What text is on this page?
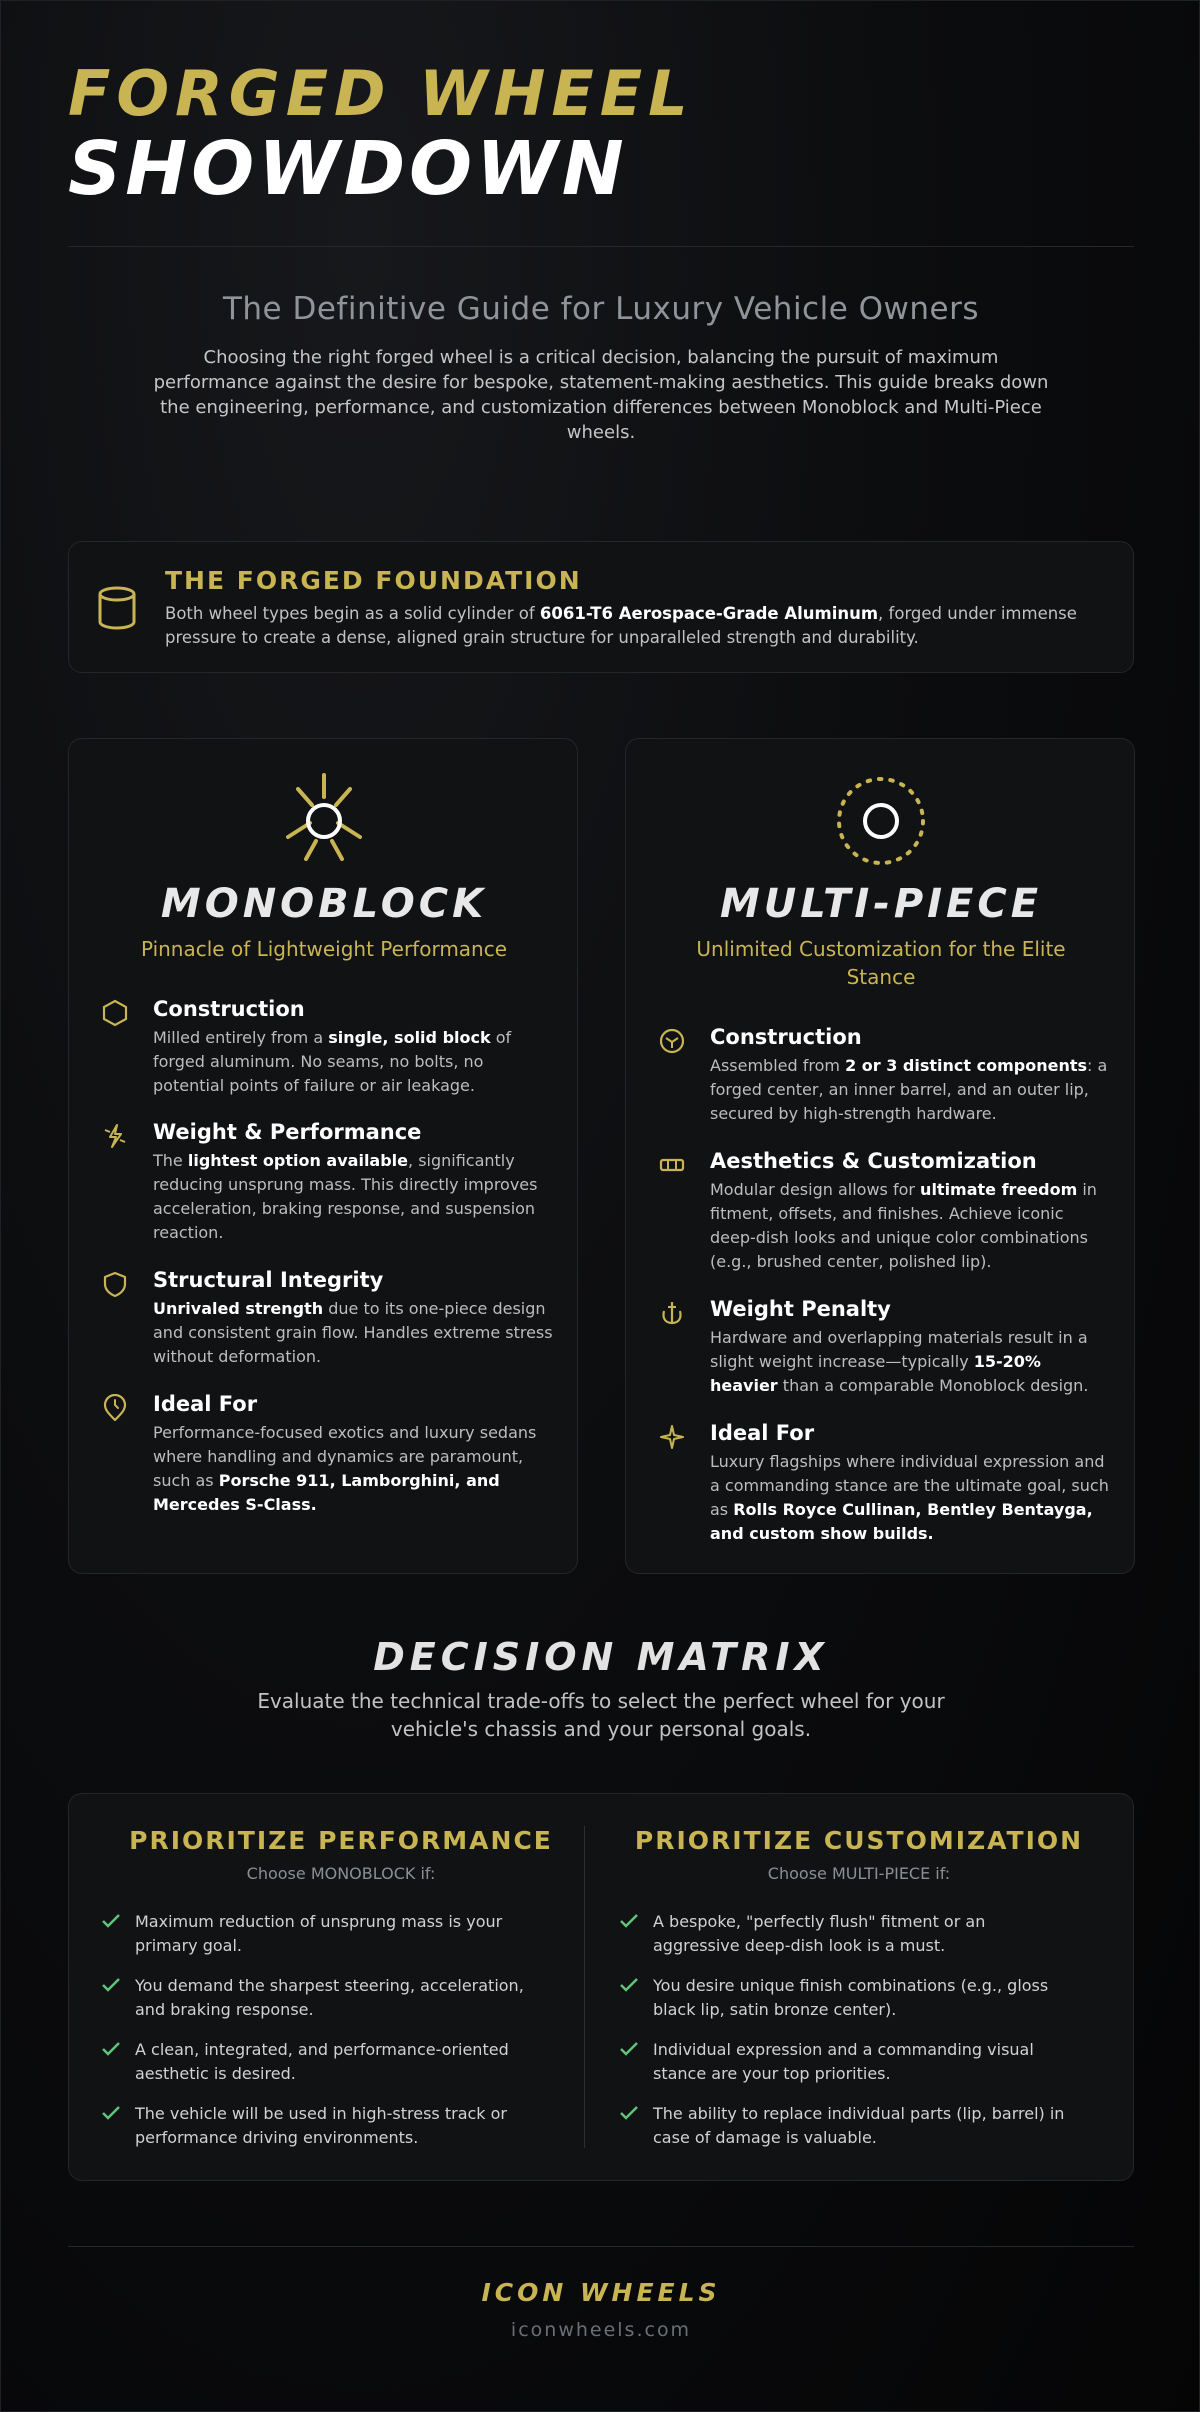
FORGED WHEEL
SHOWDOWN
The Definitive Guide for Luxury Vehicle Owners
Choosing the right forged wheel is a critical decision, balancing the pursuit of maximum performance against the desire for bespoke, statement-making aesthetics. This guide breaks down the engineering, performance, and customization differences between Monoblock and Multi-Piece wheels.
THE FORGED FOUNDATION

Both wheel types begin as a solid cylinder of 6061-T6 Aerospace-Grade Aluminum, forged under immense pressure to create a dense, aligned grain structure for unparalleled strength and durability.

MONOBLOCK
Pinnacle of Lightweight Performance
Construction

Milled entirely from a single, solid block of forged aluminum. No seams, no bolts, no potential points of failure or air leakage.

Weight & Performance

The lightest option available, significantly reducing unsprung mass. This directly improves acceleration, braking response, and suspension reaction.

Structural Integrity

Unrivaled strength due to its one-piece design and consistent grain flow. Handles extreme stress without deformation.

Ideal For

Performance-focused exotics and luxury sedans where handling and dynamics are paramount, such as Porsche 911, Lamborghini, and Mercedes S-Class.

MULTI-PIECE
Unlimited Customization for the Elite Stance
Construction

Assembled from 2 or 3 distinct components: a forged center, an inner barrel, and an outer lip, secured by high-strength hardware.

Aesthetics & Customization

Modular design allows for ultimate freedom in fitment, offsets, and finishes. Achieve iconic deep-dish looks and unique color combinations (e.g., brushed center, polished lip).

Weight Penalty

Hardware and overlapping materials result in a slight weight increase—typically 15-20% heavier than a comparable Monoblock design.

Ideal For

Luxury flagships where individual expression and a commanding stance are the ultimate goal, such as Rolls Royce Cullinan, Bentley Bentayga, and custom show builds.

DECISION MATRIX
Evaluate the technical trade-offs to select the perfect wheel for your vehicle's chassis and your personal goals.
PRIORITIZE PERFORMANCE
Choose MONOBLOCK if:

Maximum reduction of unsprung mass is your primary goal.

You demand the sharpest steering, acceleration, and braking response.

A clean, integrated, and performance-oriented aesthetic is desired.

The vehicle will be used in high-stress track or performance driving environments.

PRIORITIZE CUSTOMIZATION
Choose MULTI-PIECE if:

A bespoke, "perfectly flush" fitment or an aggressive deep-dish look is a must.

You desire unique finish combinations (e.g., gloss black lip, satin bronze center).

Individual expression and a commanding visual stance are your top priorities.

The ability to replace individual parts (lip, barrel) in case of damage is valuable.

ICON WHEELS
iconwheels.com
